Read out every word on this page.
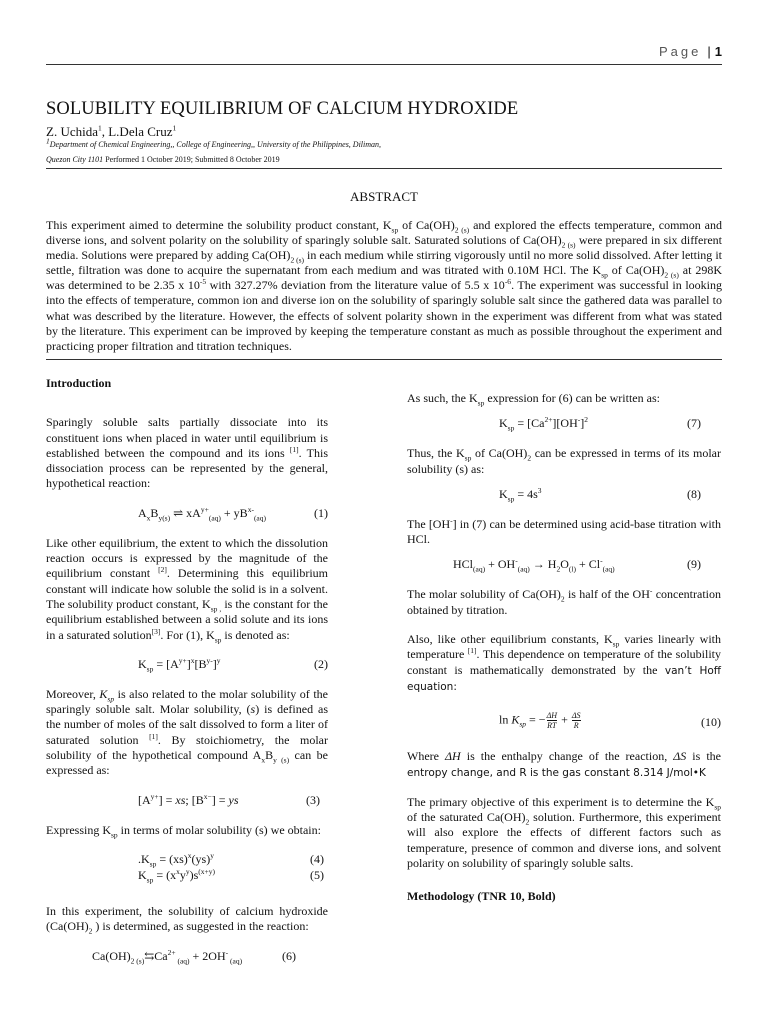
Page | 1
SOLUBILITY EQUILIBRIUM OF CALCIUM HYDROXIDE
Z. Uchida$^1$, L.Dela Cruz$^1$
$^1$Department of Chemical Engineering,, College of Engineering,, University of the Philippines, Diliman,
Quezon City 1101 Performed 1 October 2019; Submitted 8 October 2019
ABSTRACT
This experiment aimed to determine the solubility product constant, $K_{sp}$ of $Ca(OH)_{2 (s)}$ and explored the effects temperature, common and diverse ions, and solvent polarity on the solubility of sparingly soluble salt. Saturated solutions of $Ca(OH)_{2 (s)}$ were prepared in six different media. Solutions were prepared by adding $Ca(OH)_{2 (s)}$ in each medium while stirring vigorously until no more solid dissolved. After letting it settle, filtration was done to acquire the supernatant from each medium and was titrated with 0.10M HCl. The $K_{sp}$ of $Ca(OH)_{2 (s)}$ at 298K was determined to be 2.35 x $10^{-5}$ with 327.27% deviation from the literature value of 5.5 x $10^{-6}$. The experiment was successful in looking into the effects of temperature, common ion and diverse ion on the solubility of sparingly soluble salt since the gathered data was parallel to what was described by the literature. However, the effects of solvent polarity shown in the experiment was different from what was stated by the literature. This experiment can be improved by keeping the temperature constant as much as possible throughout the experiment and practicing proper filtration and titration techniques.

Introduction

Sparingly soluble salts partially dissociate into its constituent ions when placed in water until equilibrium is established between the compound and its ions [1]. This dissociation process can be represented by the general, hypothetical reaction:

$A_xB_{y(s)}$ ⇌ $xA^{y+}_{(aq)} + yB^{x-}_{(aq)}$	(1)

Like other equilibrium, the extent to which the dissolution reaction occurs is expressed by the magnitude of the equilibrium constant [2]. Determining this equilibrium constant will indicate how soluble the solid is in a solvent. The solubility product constant, $K_{sp ,}$ is the constant for the equilibrium established between a solid solute and its ions in a saturated solution[3]. For (1), $K_{sp}$ is denoted as:

$K_{sp} = [A^{y+}]^x[B^{y-}]^y$	(2)

Moreover, $K_{sp}$ is also related to the molar solubility of the sparingly soluble salt. Molar solubility, (s) is defined as the number of moles of the salt dissolved to form a liter of saturated solution [1]. By stoichiometry, the molar solubility of the hypothetical compound $A_xB_{y (s)}$ can be expressed as:

$[A^{y+}]$ = xs; $[B^{x-}]$ = ys	(3)

Expressing $K_{sp}$ in terms of molar solubility (s) we obtain:

$.K_{sp} = (xs)^x(ys)^y$	(4)
$K_{sp} = (x^xy^y)s^{(x+y)}$	(5)

In this experiment, the solubility of calcium hydroxide ($Ca(OH)_2$ ) is determined, as suggested in the reaction:

$Ca(OH)_{2 (s)}⇆Ca^{2+}$ $_{(aq)}$ + 2OH- $_{(aq)}$	(6)

As such, the $K_{sp}$ expression for (6) can be written as:

$K_{sp} = [Ca^{2+}][OH^-]^2$	(7)

Thus, the $K_{sp}$ of $Ca(OH)_2$ can be expressed in terms of its molar solubility (s) as:

$K_{sp} = 4s^3$	(8)

The [OH-] in (7) can be determined using acid-base titration with HCl.

$HCl_{(aq)} + OH^-_{(aq)} \to H_2O_{(l)} + Cl^-_{(aq)}$	(9)

The molar solubility of $Ca(OH)_2$ is half of the OH- concentration obtained by titration.

Also, like other equilibrium constants, $K_{sp}$ varies linearly with temperature [1]. This dependence on temperature of the solubility constant is mathematically demonstrated by the van’t Hoff equation:

$\ln K_{sp}$ = − $\frac{\Delta H}{RT} + \frac{\Delta S}{R}$	(10)

Where ΔH is the enthalpy change of the reaction, ΔS is the entropy change, and R is the gas constant 8.314 J/mol•K

The primary objective of this experiment is to determine the $K_{sp}$ of the saturated $Ca(OH)_2$ solution. Furthermore, this experiment will also explore the effects of different factors such as temperature, presence of common and diverse ions, and solvent polarity on solubility of sparingly soluble salts.

Methodology (TNR 10, Bold)
